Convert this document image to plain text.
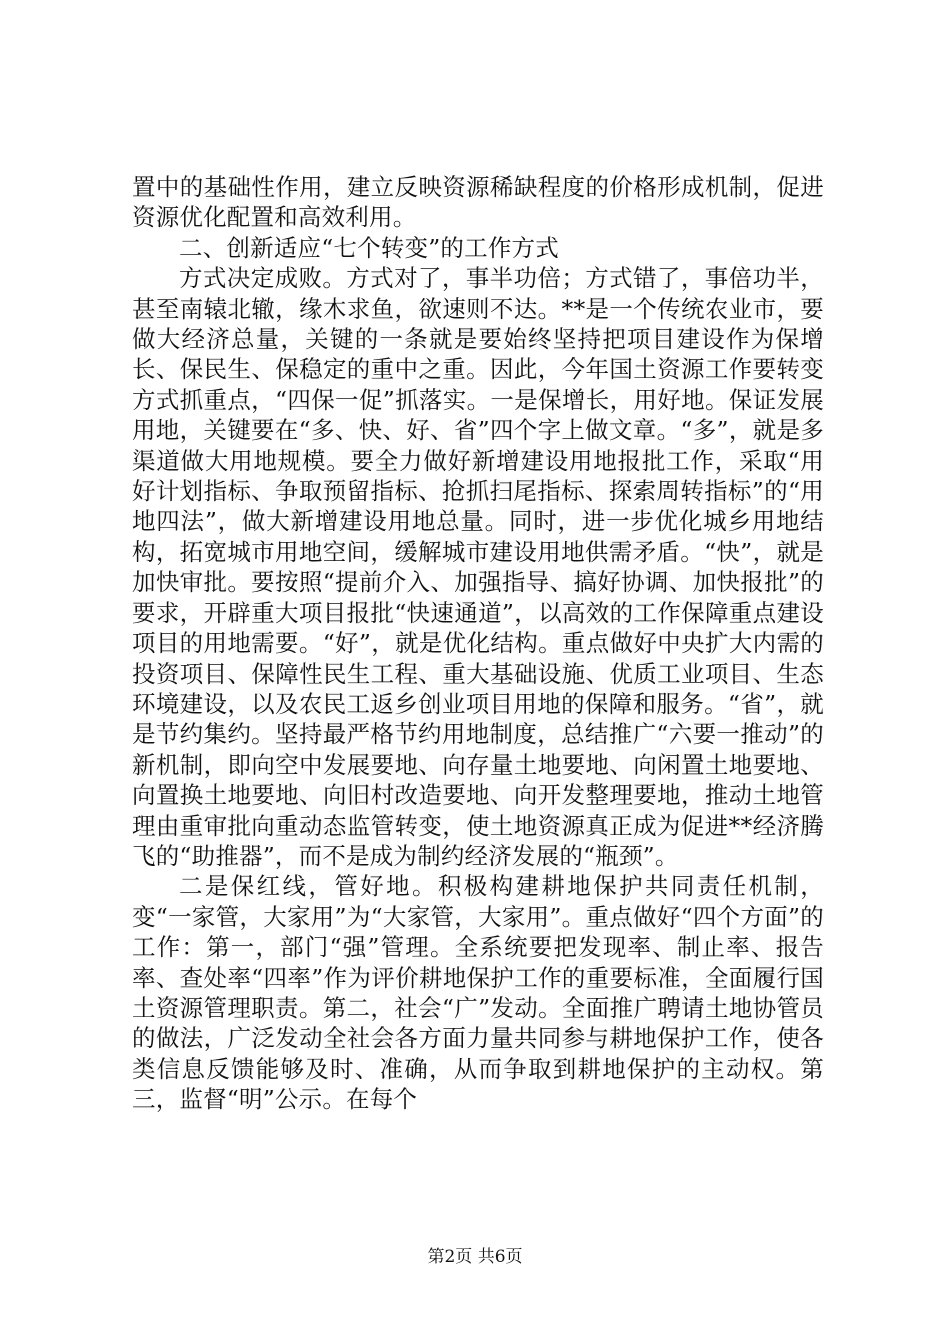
置中的基础性作用，建立反映资源稀缺程度的价格形成机制，促进资源优化配置和高效利用。

二、创新适应“七个转变”的工作方式

方式决定成败。方式对了，事半功倍；方式错了，事倍功半，甚至南辕北辙，缘木求鱼，欲速则不达。**是一个传统农业市，要做大经济总量，关键的一条就是要始终坚持把项目建设作为保增长、保民生、保稳定的重中之重。因此，今年国土资源工作要转变方式抓重点，“四保一促”抓落实。一是保增长，用好地。保证发展用地，关键要在“多、快、好、省”四个字上做文章。“多”，就是多渠道做大用地规模。要全力做好新增建设用地报批工作，采取“用好计划指标、争取预留指标、抢抓扫尾指标、探索周转指标”的“用地四法”，做大新增建设用地总量。同时，进一步优化城乡用地结构，拓宽城市用地空间，缓解城市建设用地供需矛盾。“快”，就是加快审批。要按照“提前介入、加强指导、搞好协调、加快报批”的要求，开辟重大项目报批“快速通道”，以高效的工作保障重点建设项目的用地需要。“好”，就是优化结构。重点做好中央扩大内需的投资项目、保障性民生工程、重大基础设施、优质工业项目、生态环境建设，以及农民工返乡创业项目用地的保障和服务。“省”，就是节约集约。坚持最严格节约用地制度，总结推广“六要一推动”的新机制，即向空中发展要地、向存量土地要地、向闲置土地要地、向置换土地要地、向旧村改造要地、向开发整理要地，推动土地管理由重审批向重动态监管转变，使土地资源真正成为促进**经济腾飞的“助推器”，而不是成为制约经济发展的“瓶颈”。

二是保红线，管好地。积极构建耕地保护共同责任机制，变“一家管，大家用”为“大家管，大家用”。重点做好“四个方面”的工作：第一，部门“强”管理。全系统要把发现率、制止率、报告率、查处率“四率”作为评价耕地保护工作的重要标准，全面履行国土资源管理职责。第二，社会“广”发动。全面推广聘请土地协管员的做法，广泛发动全社会各方面力量共同参与耕地保护工作，使各类信息反馈能够及时、准确，从而争取到耕地保护的主动权。第三，监督“明”公示。在每个

第2页 共6页
